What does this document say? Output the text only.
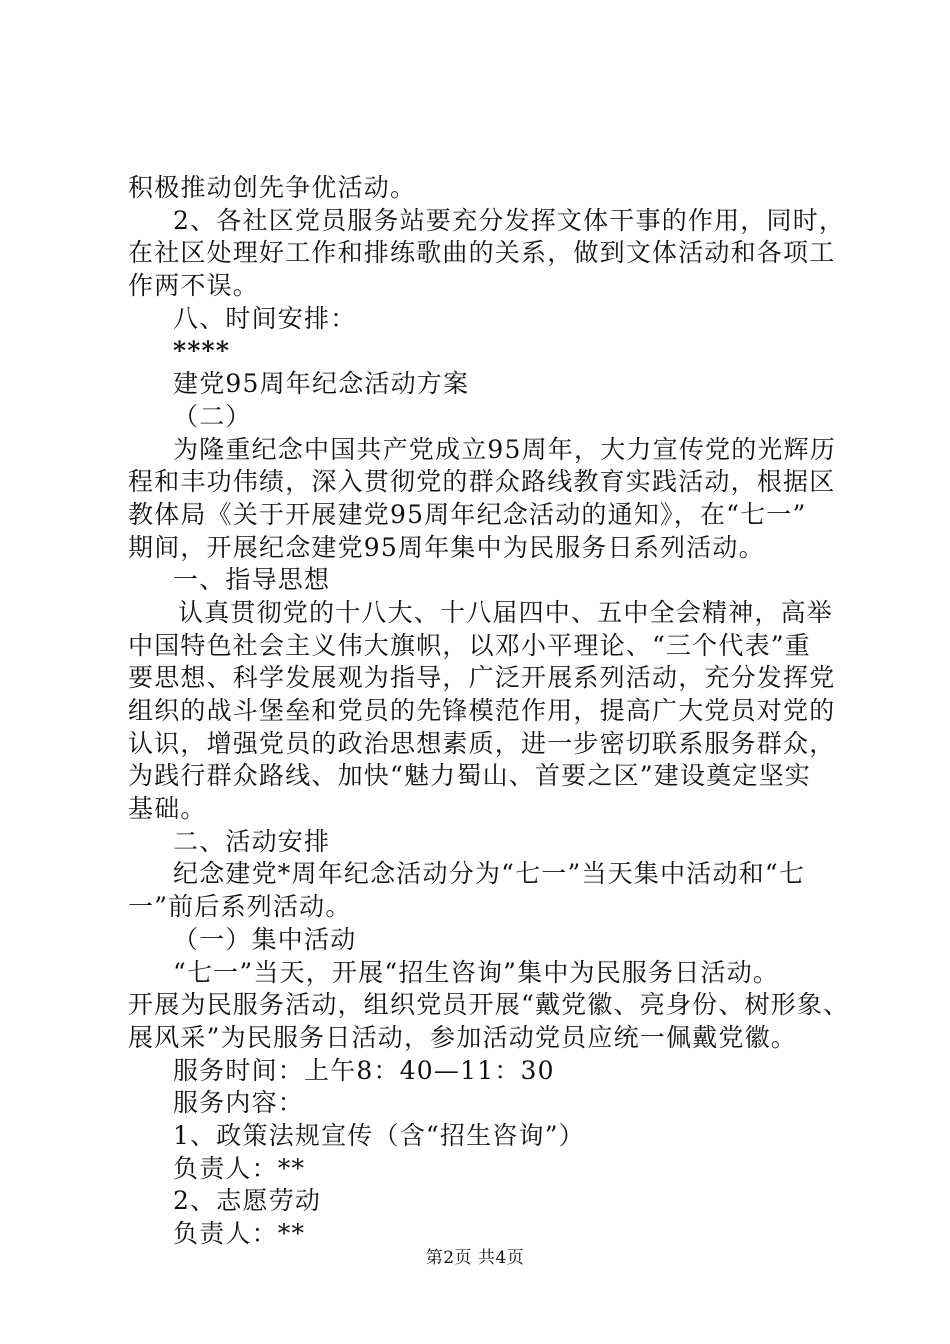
积极推动创先争优活动。
2、各社区党员服务站要充分发挥文体干事的作用，同时，
在社区处理好工作和排练歌曲的关系，做到文体活动和各项工
作两不误。
八、时间安排：
****
建党95周年纪念活动方案
（二）
为隆重纪念中国共产党成立95周年，大力宣传党的光辉历
程和丰功伟绩，深入贯彻党的群众路线教育实践活动，根据区
教体局《关于开展建党95周年纪念活动的通知》，在“七一”
期间，开展纪念建党95周年集中为民服务日系列活动。
一、指导思想
认真贯彻党的十八大、十八届四中、五中全会精神，高举
中国特色社会主义伟大旗帜，以邓小平理论、“三个代表”重
要思想、科学发展观为指导，广泛开展系列活动，充分发挥党
组织的战斗堡垒和党员的先锋模范作用，提高广大党员对党的
认识，增强党员的政治思想素质，进一步密切联系服务群众，
为践行群众路线、加快“魅力蜀山、首要之区”建设奠定坚实
基础。
二、活动安排
纪念建党*周年纪念活动分为“七一”当天集中活动和“七
一”前后系列活动。
（一）集中活动
“七一”当天，开展“招生咨询”集中为民服务日活动。
开展为民服务活动，组织党员开展“戴党徽、亮身份、树形象、
展风采”为民服务日活动，参加活动党员应统一佩戴党徽。
服务时间：上午8：40—11：30
服务内容：
1、政策法规宣传（含“招生咨询”）
负责人：**
2、志愿劳动
负责人：**
第2页 共4页
